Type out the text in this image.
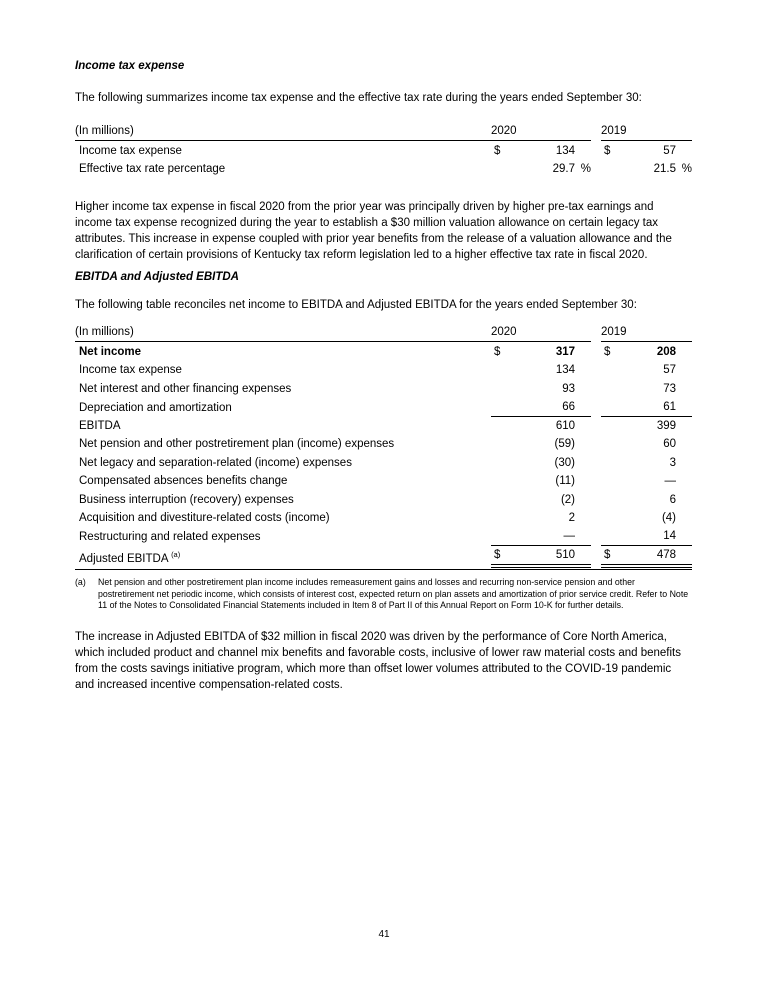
Income tax expense

The following summarizes income tax expense and the effective tax rate during the years ended September 30:

(In millions)	2020	2019
Income tax expense	$	134	$	57
Effective tax rate percentage	29.7 %	21.5 %

Higher income tax expense in fiscal 2020 from the prior year was principally driven by higher pre-tax earnings and income tax expense recognized during the year to establish a $30 million valuation allowance on certain legacy tax attributes. This increase in expense coupled with prior year benefits from the release of a valuation allowance and the clarification of certain provisions of Kentucky tax reform legislation led to a higher effective tax rate in fiscal 2020.

EBITDA and Adjusted EBITDA

The following table reconciles net income to EBITDA and Adjusted EBITDA for the years ended September 30:

(In millions)	2020	2019
Net income	$	317	$	208
Income tax expense	134	57
Net interest and other financing expenses	93	73
Depreciation and amortization	66	61
EBITDA	610	399
Net pension and other postretirement plan (income) expenses	(59)	60
Net legacy and separation-related (income) expenses	(30)	3
Compensated absences benefits change	(11)	—
Business interruption (recovery) expenses	(2)	6
Acquisition and divestiture-related costs (income)	2	(4)
Restructuring and related expenses	—	14
Adjusted EBITDA $^{(a)}$	$	510	$	478
(a)	Net pension and other postretirement plan income includes remeasurement gains and losses and recurring non-service pension and other postretirement net periodic income, which consists of interest cost, expected return on plan assets and amortization of prior service credit. Refer to Note 11 of the Notes to Consolidated Financial Statements included in Item 8 of Part II of this Annual Report on Form 10-K for further details.

The increase in Adjusted EBITDA of $32 million in fiscal 2020 was driven by the performance of Core North America, which included product and channel mix benefits and favorable costs, inclusive of lower raw material costs and benefits from the costs savings initiative program, which more than offset lower volumes attributed to the COVID-19 pandemic and increased incentive compensation-related costs.

41
